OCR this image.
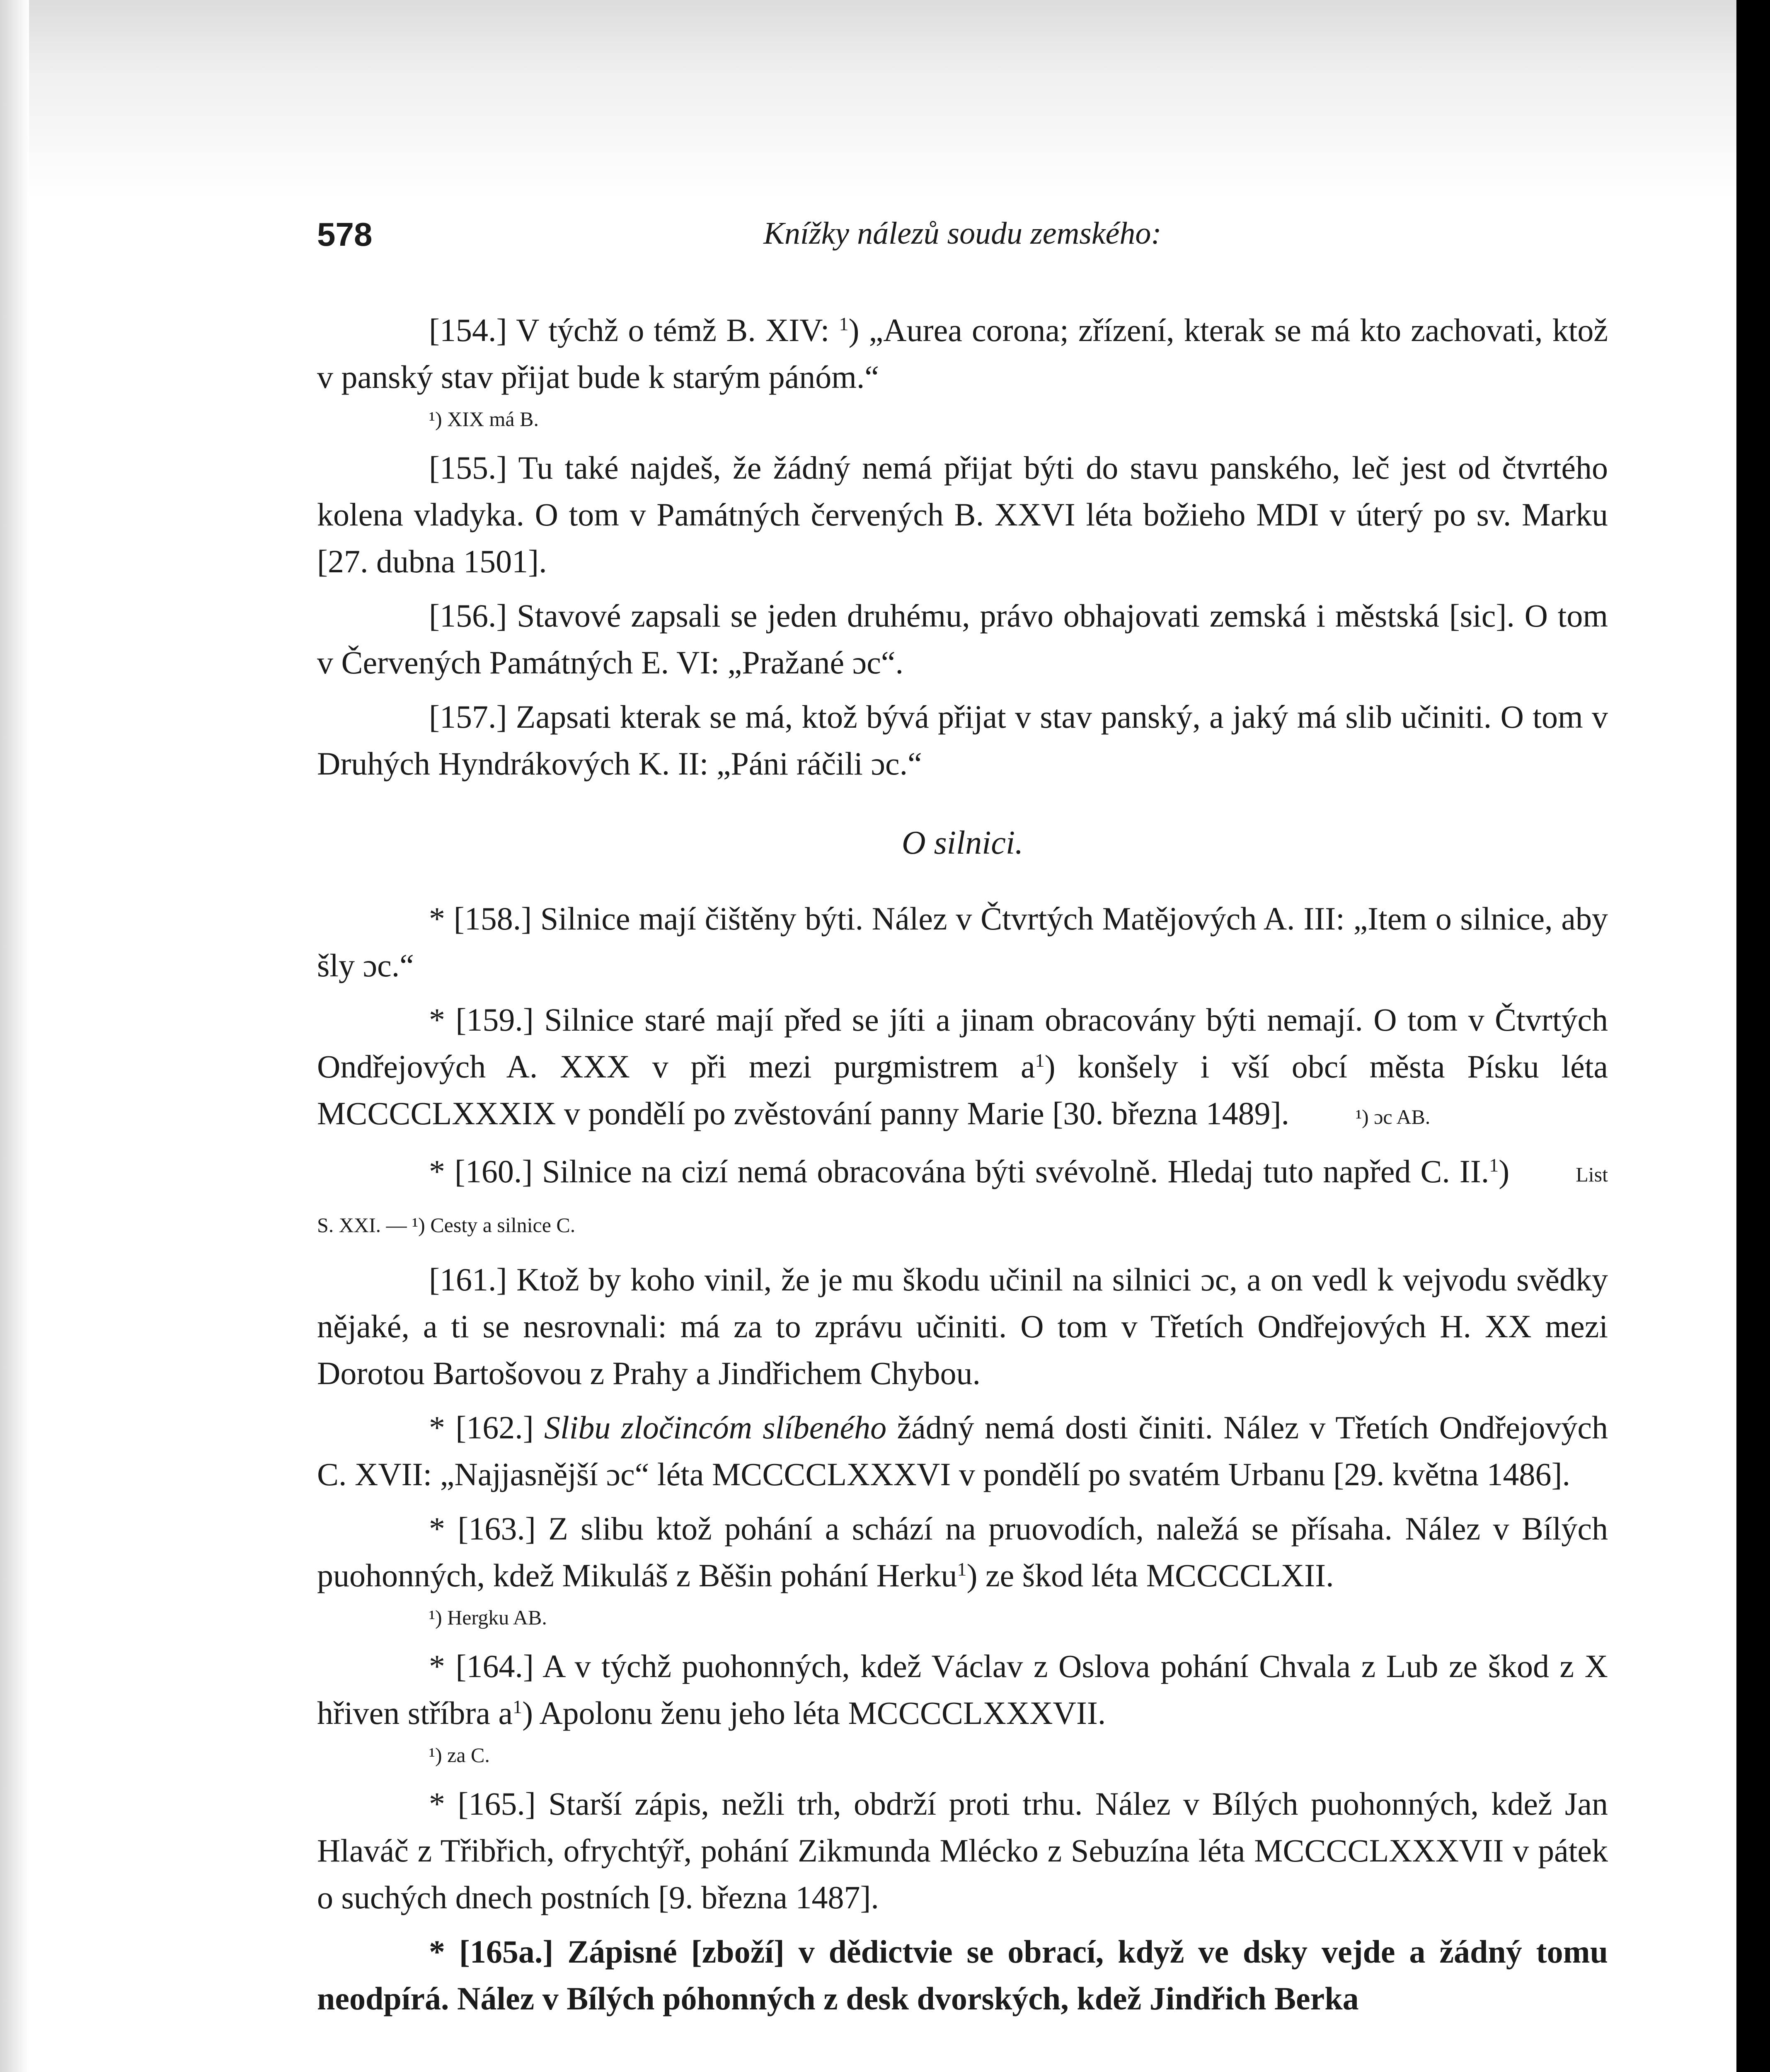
578	Knížky nálezů soudu zemského:

[154.] V týchž o témž B. XIV: $^1$) „Aurea corona; zřízení, kterak se má kto zachovati, ktož v panský stav přijat bude k starým pánóm.“

¹) XIX má B.

[155.] Tu také najdeš, že žádný nemá přijat býti do stavu panského, leč jest od čtvrtého kolena vladyka. O tom v Památných červených B. XXVI léta božieho MDI v úterý po sv. Marku [27. dubna 1501].

[156.] Stavové zapsali se jeden druhému, právo obhajovati zemská i městská [sic]. O tom v Červených Památných E. VI: „Pražané ɔc“.

[157.] Zapsati kterak se má, ktož bývá přijat v stav panský, a jaký má slib učiniti. O tom v Druhých Hyndrákových K. II: „Páni ráčili ɔc.“

O silnici.

* [158.] Silnice mají čištěny býti. Nález v Čtvrtých Matějových A. III: „Item o silnice, aby šly ɔc.“

* [159.] Silnice staré mají před se jíti a jinam obracovány býti nemají. O tom v Čtvrtých Ondřejových A. XXX v při mezi purgmistrem $a^1$) konšely i vší obcí města Písku léta MCCCCLXXXIX v pondělí po zvěstování panny Marie [30. března 1489].	¹) ɔc AB.

* [160.] Silnice na cizí nemá obracována býti svévolně. Hledaj tuto napřed C. II.$^1$)	List S. XXI. — ¹) Cesty a silnice C.

[161.] Ktož by koho vinil, že je mu škodu učinil na silnici ɔc, a on vedl k vejvodu svědky nějaké, a ti se nesrovnali: má za to zprávu učiniti. O tom v Třetích Ondřejových H. XX mezi Dorotou Bartošovou z Prahy a Jindřichem Chybou.

* [162.] Slibu zločincóm slíbeného žádný nemá dosti činiti. Nález v Třetích Ondřejových C. XVII: „Najjasnější ɔc“ léta MCCCCLXXXVI v pondělí po svatém Urbanu [29. května 1486].

* [163.] Z slibu ktož pohání a schází na pruovodích, naležá se přísaha. Nález v Bílých puohonných, kdež Mikuláš z Běšin pohání Herku$^1$) ze škod léta MCCCCLXII.

¹) Hergku AB.

* [164.] A v týchž puohonných, kdež Václav z Oslova pohání Chvala z Lub ze škod z X hřiven stříbra $a^1$) Apolonu ženu jeho léta MCCCCLXXXVII.

¹) za C.

* [165.] Starší zápis, nežli trh, obdrží proti trhu. Nález v Bílých puohonných, kdež Jan Hlaváč z Třibřich, ofrychtýř, pohání Zikmunda Mlécko z Sebuzína léta MCCCCLXXXVII v pátek o suchých dnech postních [9. března 1487].

* [165a.] Zápisné [zboží] v dědictvie se obrací, když ve dsky vejde a žádný tomu neodpírá. Nález v Bílých póhonných z desk dvorských, kdež Jindřich Berka
